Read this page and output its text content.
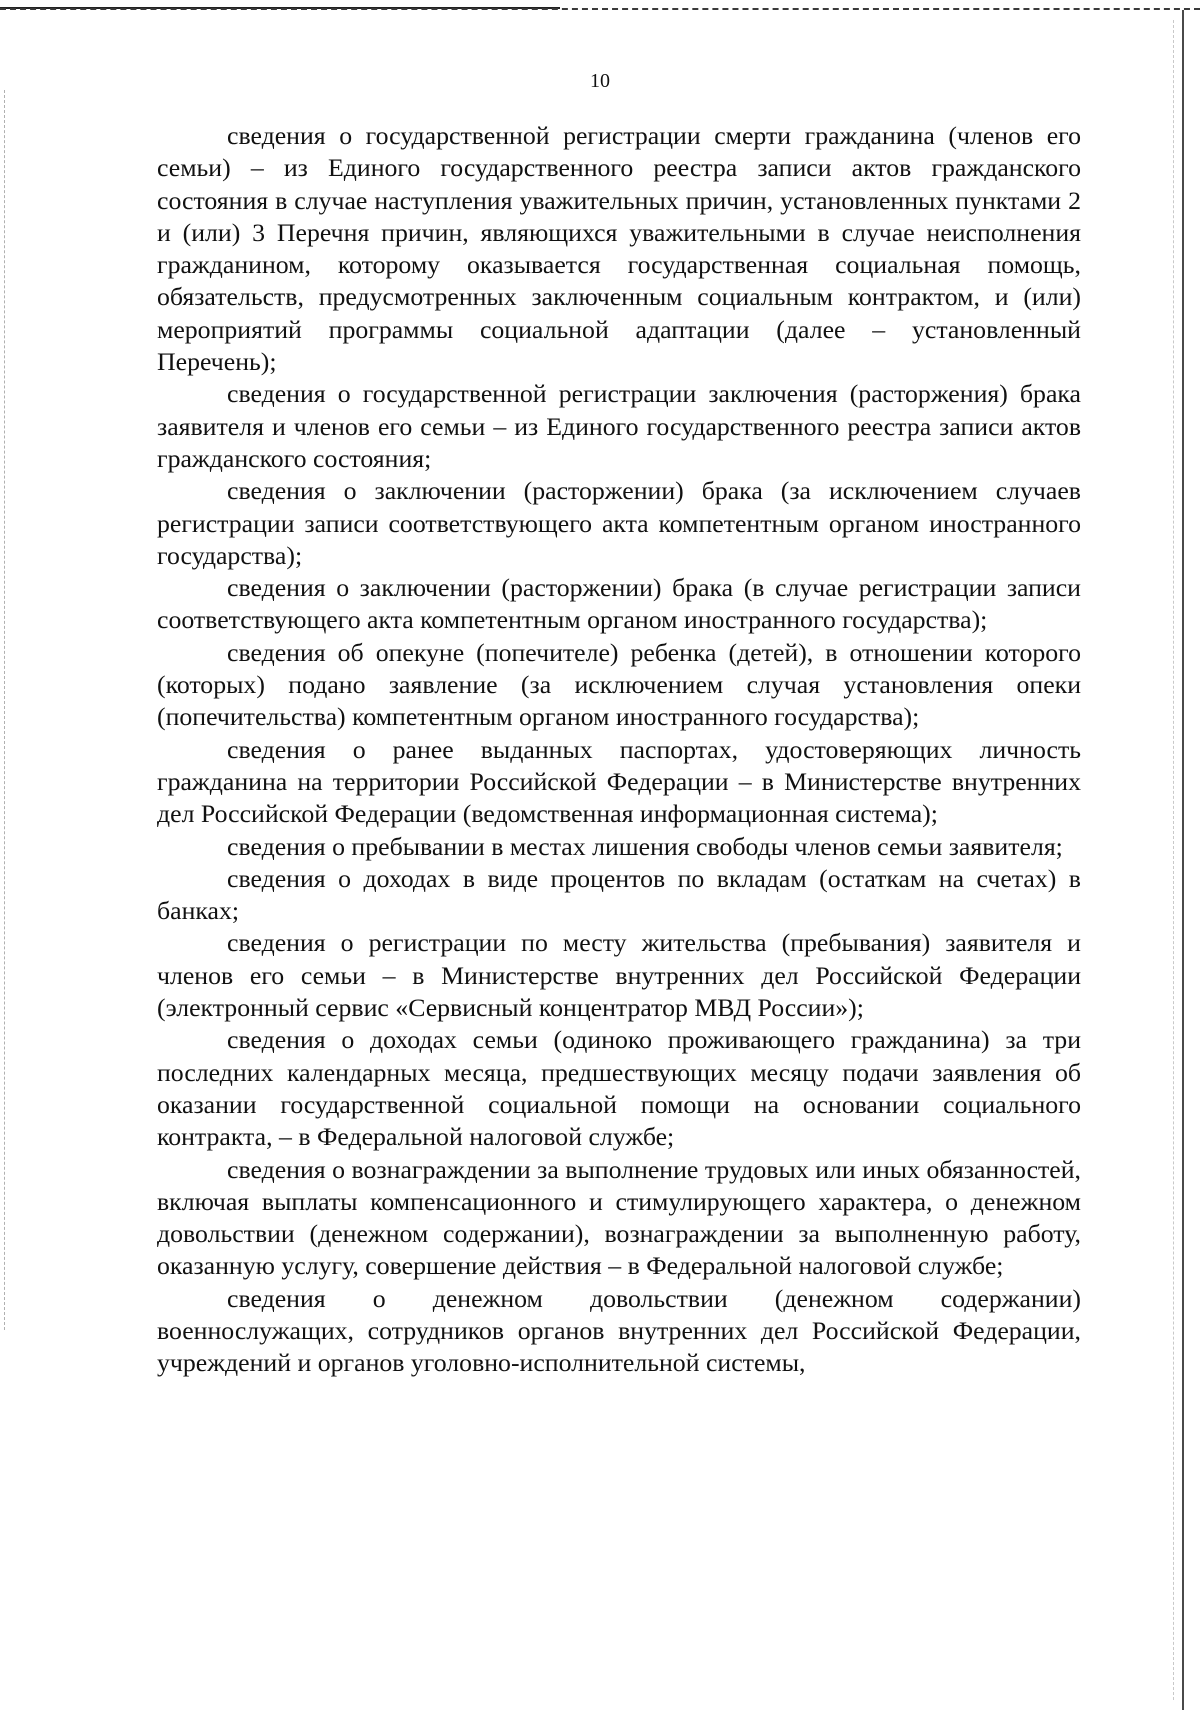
10

сведения о государственной регистрации смерти гражданина (членов его семьи) – из Единого государственного реестра записи актов гражданского состояния в случае наступления уважительных причин, установленных пунктами 2 и (или) 3 Перечня причин, являющихся уважительными в случае неисполнения гражданином, которому оказывается государственная социальная помощь, обязательств, предусмотренных заключенным социальным контрактом, и (или) мероприятий программы социальной адаптации (далее – установленный Перечень);

сведения о государственной регистрации заключения (расторжения) брака заявителя и членов его семьи – из Единого государственного реестра записи актов гражданского состояния;

сведения о заключении (расторжении) брака (за исключением случаев регистрации записи соответствующего акта компетентным органом иностранного государства);

сведения о заключении (расторжении) брака (в случае регистрации записи соответствующего акта компетентным органом иностранного государства);

сведения об опекуне (попечителе) ребенка (детей), в отношении которого (которых) подано заявление (за исключением случая установления опеки (попечительства) компетентным органом иностранного государства);

сведения о ранее выданных паспортах, удостоверяющих личность гражданина на территории Российской Федерации – в Министерстве внутренних дел Российской Федерации (ведомственная информационная система);

сведения о пребывании в местах лишения свободы членов семьи заявителя;

сведения о доходах в виде процентов по вкладам (остаткам на счетах) в банках;

сведения о регистрации по месту жительства (пребывания) заявителя и членов его семьи – в Министерстве внутренних дел Российской Федерации (электронный сервис «Сервисный концентратор МВД России»);

сведения о доходах семьи (одиноко проживающего гражданина) за три последних календарных месяца, предшествующих месяцу подачи заявления об оказании государственной социальной помощи на основании социального контракта, – в Федеральной налоговой службе;

сведения о вознаграждении за выполнение трудовых или иных обязанностей, включая выплаты компенсационного и стимулирующего характера, о денежном довольствии (денежном содержании), вознаграждении за выполненную работу, оказанную услугу, совершение действия – в Федеральной налоговой службе;

сведения о денежном довольствии (денежном содержании) военнослужащих, сотрудников органов внутренних дел Российской Федерации, учреждений и органов уголовно-исполнительной системы,
